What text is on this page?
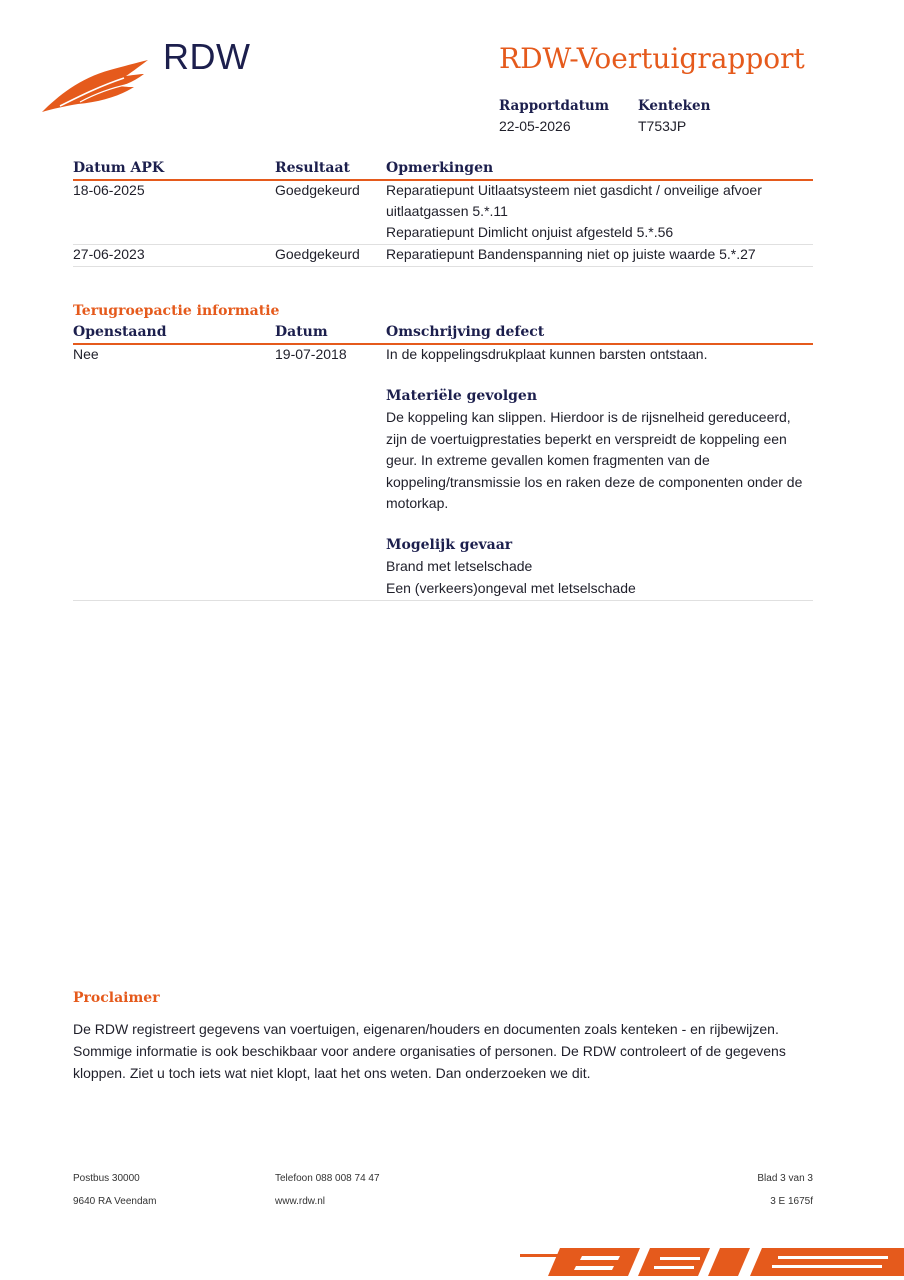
RDW	RDW-Voertuigrapport
Rapportdatum
22-05-2026
Kenteken
T753JP
Datum APK	Resultaat	Opmerkingen
18-06-2025	Goedgekeurd Reparatiepunt Uitlaatsysteem niet gasdicht / onveilige afvoer
uitlaatgassen 5.*.11
Reparatiepunt Dimlicht onjuist afgesteld 5.*.56
27-06-2023	Goedgekeurd Reparatiepunt Bandenspanning niet op juiste waarde 5.*.27
Terugroepactie informatie
Openstaand	Datum	Omschrijving defect
Nee	19-07-2018	In de koppelingsdrukplaat kunnen barsten ontstaan.
Materiële gevolgen
De koppeling kan slippen. Hierdoor is de rijsnelheid gereduceerd,
zijn de voertuigprestaties beperkt en verspreidt de koppeling een
geur. In extreme gevallen komen fragmenten van de
koppeling/transmissie los en raken deze de componenten onder de
motorkap.
Mogelijk gevaar
Brand met letselschade
Een (verkeers)ongeval met letselschade
Proclaimer
De RDW registreert gegevens van voertuigen, eigenaren/houders en documenten zoals kenteken - en rijbewijzen. Sommige informatie is ook beschikbaar voor andere organisaties of personen. De RDW controleert of de gegevens kloppen. Ziet u toch iets wat niet klopt, laat het ons weten. Dan onderzoeken we dit.
Postbus 30000
9640 RA Veendam
Telefoon 088 008 74 47
www.rdw.nl
Blad 3 van 3
3 E 1675f
